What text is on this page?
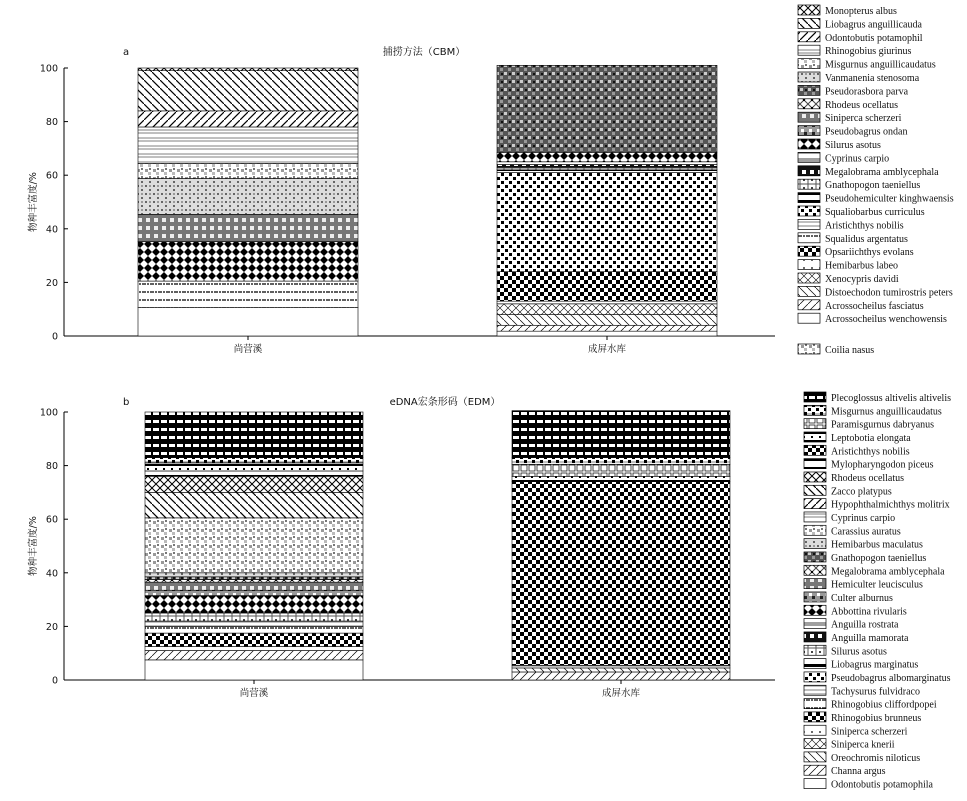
a	捕捞方法（CBM）
0
20
40
60
80
100
物种丰富度/%
尚营溪	成屏水库
Monopterus albus
Liobagrus anguillicauda
Odontobutis potamophil
Rhinogobius giurinus
Misgurnus anguillicaudatus
Vanmanenia stenosoma
Pseudorasbora parva
Rhodeus ocellatus
Siniperca scherzeri
Pseudobagrus ondan
Silurus asotus
Cyprinus carpio
Megalobrama amblycephala
Gnathopogon taeniellus
Pseudohemiculter kinghwaensis
Squaliobarbus curriculus
Aristichthys nobilis
Squalidus argentatus
Opsariichthys evolans
Hemibarbus labeo
Xenocypris davidi
Distoechodon tumirostris peters
Acrossocheilus fasciatus
Acrossocheilus wenchowensis
Coilia nasus
b	eDNA宏条形码（EDM）
0
20
40
60
80
100
物种丰富度/%
尚营溪	成屏水库
Plecoglossus altivelis altivelis
Misgurnus anguillicaudatus
Paramisgurnus dabryanus
Leptobotia elongata
Aristichthys nobilis
Mylopharyngodon piceus
Rhodeus ocellatus
Zacco platypus
Hypophthalmichthys molitrix
Cyprinus carpio
Carassius auratus
Hemibarbus maculatus
Gnathopogon taeniellus
Megalobrama amblycephala
Hemiculter leucisculus
Culter alburnus
Abbottina rivularis
Anguilla rostrata
Anguilla mamorata
Silurus asotus
Liobagrus marginatus
Pseudobagrus albomarginatus
Tachysurus fulvidraco
Rhinogobius cliffordpopei
Rhinogobius brunneus
Siniperca scherzeri
Siniperca knerii
Oreochromis niloticus
Channa argus
Odontobutis potamophila
